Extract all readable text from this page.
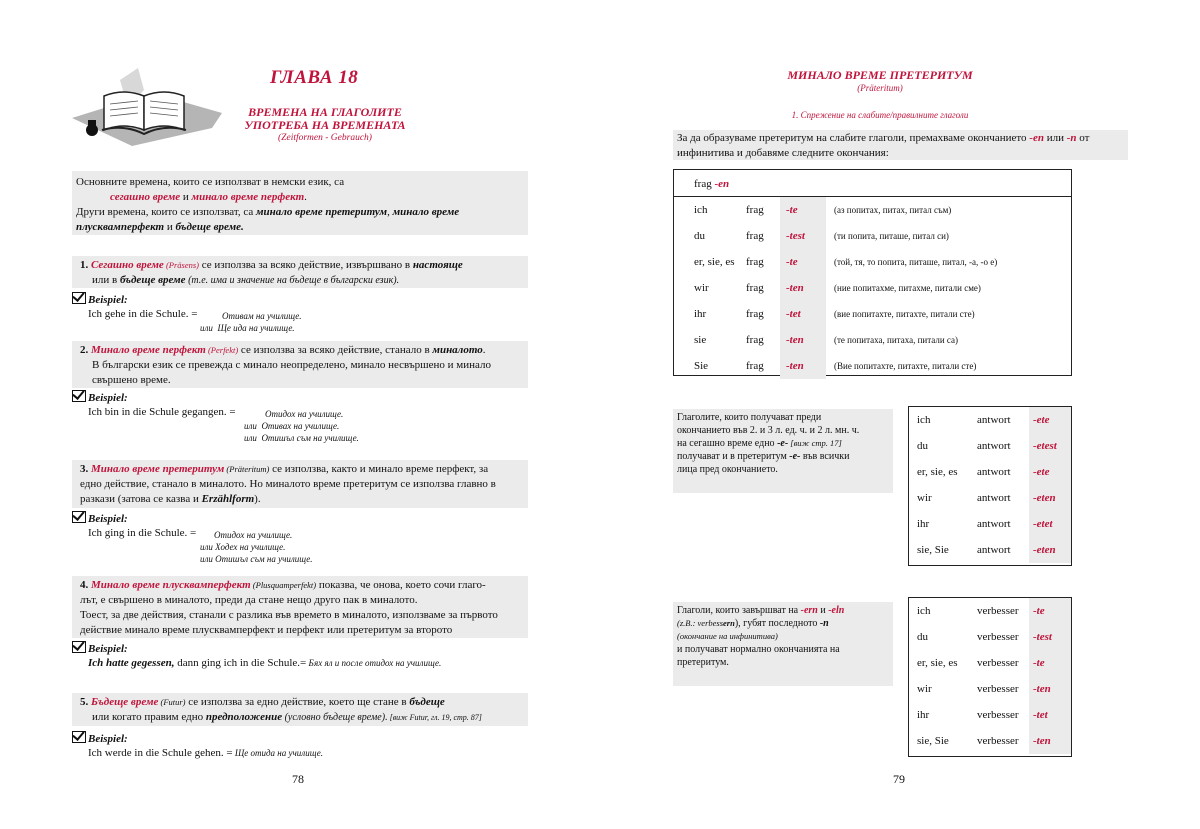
ГЛАВА 18
ВРЕМЕНА НА ГЛАГОЛИТЕ
УПОТРЕБА НА ВРЕМЕНАТА
(Zeitformen - Gebrauch)
Основните времена, които се използват в немски език, са
сегашно време и минало време перфект.
Други времена, които се използват, са минало време претеритум, минало време
плусквамперфект и бъдеще време.
1. Сегашно време (Präsens) се използва за всяко действие, извършвано в настояще
или в бъдеще време (т.е. има и значение на бъдеще в български език).
Beispiel:
Ich gehe in die Schule. =	Отивам на училище.
или Ще ида на училище.
2. Минало време перфект (Perfekt) се използва за всяко действие, станало в миналото.
В български език се превежда с минало неопределено, минало несвършено и минало
свършено време.
Beispiel:
Ich bin in die Schule gegangen. =	Отидох на училище.
или Отивах на училище.
или Отишъл съм на училище.
3. Минало време претеритум (Präteritum) се използва, както и минало време перфект, за
едно действие, станало в миналото. Но миналото време претеритум се използва главно в
разкази (затова се казва и Erzählform).
Beispiel:
Ich ging in die Schule. = Отидох на училище.
или Ходех на училище.
или Отишъл съм на училище.
4. Минало време плусквамперфект (Plusquamperfekt) показва, че онова, което сочи глаго-
лът, е свършено в миналото, преди да стане нещо друго пак в миналото.
Тоест, за две действия, станали с разлика във времето в миналото, използваме за първото
действие минало време плусквамперфект и перфект или претеритум за второто
Beispiel:
Ich hatte gegessen, dann ging ich in die Schule.= Бях ял и после отидох на училище.
5. Бъдеще време (Futur) се използва за едно действие, което ще стане в бъдеще
или когато правим едно предположение (условно бъдеще време). [виж Futur, гл. 19, стр. 87]
Beispiel:
Ich werde in die Schule gehen. = Ще отида на училище.
78
МИНАЛО ВРЕМЕ ПРЕТЕРИТУМ
(Präteritum)
1. Спрежение на слабите/правилните глаголи
За да образуваме претеритум на слабите глаголи, премахваме окончанието -en или -n от
инфинитива и добавяме следните окончания:
frag -en
ich	frag	-te	(аз попитах, питах, питал съм)
du	frag	-test	(ти попита, питаше, питал си)
er, sie, es	frag	-te	(той, тя, то попита, питаше, питал, -а, -о е)
wir	frag	-ten	(ние попитахме, питахме, питали сме)
ihr	frag	-tet	(вие попитахте, питахте, питали сте)
sie	frag	-ten	(те попитаха, питаха, питали са)
Sie	frag	-ten	(Вие попитахте, питахте, питали сте)
Глаголите, които получават преди
окончанието във 2. и 3 л. ед. ч. и 2 л. мн. ч.
на сегашно време едно -e- [виж стр. 17]
получават и в претеритум -е- във всички
лица пред окончанието.
ich	antwort	-ete
du	antwort	-etest
er, sie, es	antwort	-ete
wir	antwort	-eten
ihr	antwort	-etet
sie, Sie	antwort	-eten
Глаголи, които завършват на -ern и -eln
(z.B.: verbessern), губят последното -n
(окончание на инфинитива)
и получават нормално окончанията на
претеритум.
ich	verbesser	-te
du	verbesser	-test
er, sie, es	verbesser	-te
wir	verbesser	-ten
ihr	verbesser	-tet
sie, Sie	verbesser	-ten
79
